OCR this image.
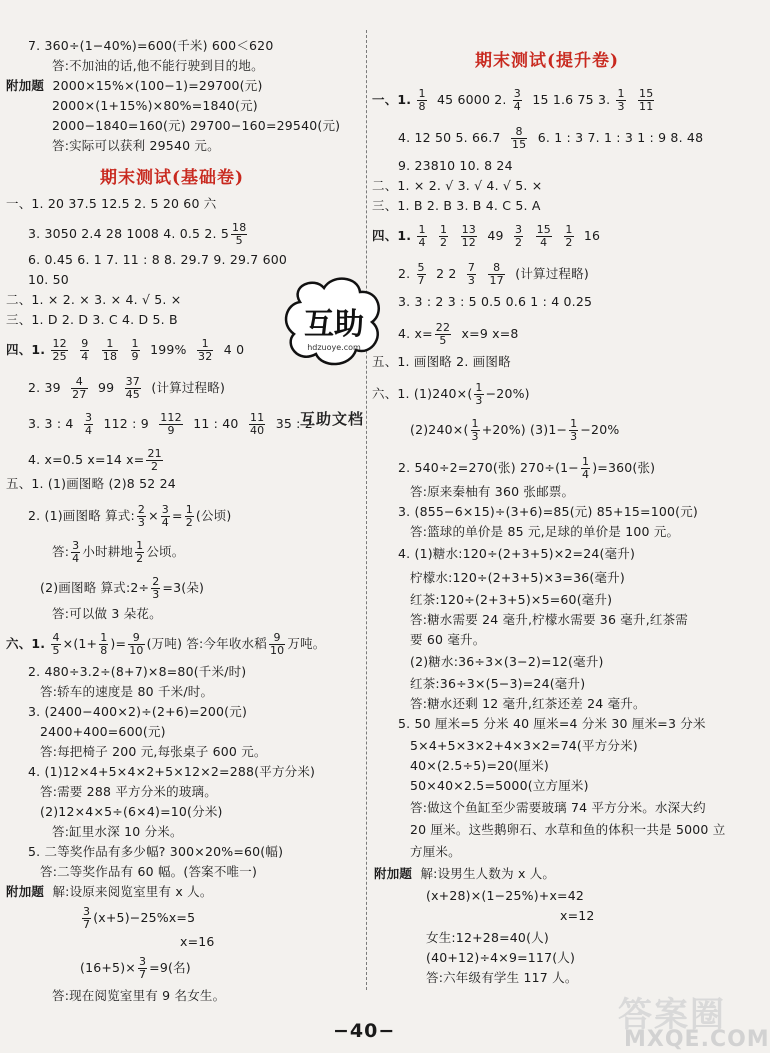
7. 360÷(1−40%)=600(千米) 600＜620
答:不加油的话,他不能行驶到目的地。
附加题 2000×15%×(100−1)=29700(元)
2000×(1+15%)×80%=1840(元)
2000−1840=160(元) 29700−160=29540(元)
答:实际可以获利 29540 元。
期末测试(基础卷)
一、1. 20 37.5 12.5 2. 5 20 60 六
3. 3050 2.4 28 1008 4. 0.5 2. $5 \frac{18}{5}$
6. 0.45 6. 1 7. 11 : 8 8. 29.7 9. 29.7 600
10. 50
二、1. × 2. × 3. × 4. √ 5. ×
三、1. D 2. D 3. C 4. D 5. B
四、1. $\frac{12}{25}$
$\frac{9}{4}$
$\frac{1}{18}$
$\frac{1}{9} 199\% \frac{1}{32} 4$ 0
2. $39 \frac{4}{27} 99 \frac{37}{45}$ (计算过程略)
3. 3 : $4 \frac{3}{4} 112$ : $9 \frac{112}{9} 11$ : $40 \frac{11}{40} 35$ : 2
4. x=0.5 x=14 $x= \frac{21}{2}$
五、1. (1)画图略 (2)8 52 24
2. (1)画图略 算式: $\frac{2}{3} \times \frac{3}{4} = \frac{1}{2}$ (公顷)
答: $\frac{3}{4}$ 小时耕地 $\frac{1}{2}$ 公顷。
(2)画图略 算式:2÷ $\frac{2}{3} =3$(朵)
答:可以做 3 朵花。
六、1. $\frac{4}{5} \times(1+ \frac{1}{8}$ )= $\frac{9}{10}$ (万吨) 答:今年收水稻 $\frac{9}{10}$ 万吨。
2. 480÷3.2÷(8+7)×8=80(千米/时)
答:轿车的速度是 80 千米/时。
3. (2400−400×2)÷(2+6)=200(元)
2400+400=600(元)
答:每把椅子 200 元,每张桌子 600 元。
4. (1)12×4+5×4×2+5×12×2=288(平方分米)
答:需要 288 平方分米的玻璃。
(2)12×4×5÷(6×4)=10(分米)
答:缸里水深 10 分米。
5. 二等奖作品有多少幅? 300×20%=60(幅)
答:二等奖作品有 60 幅。(答案不唯一)
附加题 解:设原来阅览室里有 x 人。
$\frac{3}{7} (x+5)-25\%x=5$
x=16
$(16+5)\times \frac{3}{7} =9$(名)
答:现在阅览室里有 9 名女生。
期末测试(提升卷)
一、1. $\frac{1}{8} 45$ 6000 2. $\frac{3}{4} 15$ 1.6 75 3. $\frac{1}{3}$
$\frac{15}{11}$
4. 12 50 5. $66.7 \frac{8}{15} 6$. 1 : 3 7. 1 : 3 1 : 9 8. 48
9. 23810 10. 8 24
二、1. × 2. √ 3. √ 4. √ 5. ×
三、1. B 2. B 3. B 4. C 5. A
四、1. $\frac{1}{4}$
$\frac{1}{2}$
$\frac{13}{12} 49 \frac{3}{2}$
$\frac{15}{4}$
$\frac{1}{2} 16$
2. $\frac{5}{7} 2$ $2 \frac{7}{3}$
$\frac{8}{17}$ (计算过程略)
3. 3 : 2 3 : 5 0.5 0.6 1 : 4 0.25
4. $x= \frac{22}{5} x=9$ x=8
五、1. 画图略 2. 画图略
六、1. $(1)240\times( \frac{1}{3} -20\%)$
$(2)240\times( \frac{1}{3} +20\%)$ $(3)1- \frac{1}{3} -20\%$
2. 540÷2=270(张) $270\div(1- \frac{1}{4} )=360$(张)
答:原来秦柚有 360 张邮票。
3. (855−6×15)÷(3+6)=85(元) 85+15=100(元)
答:篮球的单价是 85 元,足球的单价是 100 元。
4. (1)糖水:120÷(2+3+5)×2=24(毫升)
柠檬水:120÷(2+3+5)×3=36(毫升)
红茶:120÷(2+3+5)×5=60(毫升)
答:糖水需要 24 毫升,柠檬水需要 36 毫升,红茶需
要 60 毫升。
(2)糖水:36÷3×(3−2)=12(毫升)
红茶:36÷3×(5−3)=24(毫升)
答:糖水还剩 12 毫升,红茶还差 24 毫升。
5. 50 厘米=5 分米 40 厘米=4 分米 30 厘米=3 分米
5×4+5×3×2+4×3×2=74(平方分米)
40×(2.5÷5)=20(厘米)
50×40×2.5=5000(立方厘米)
答:做这个鱼缸至少需要玻璃 74 平方分米。水深大约
20 厘米。这些鹅卵石、水草和鱼的体积一共是 5000 立
方厘米。
附加题 解:设男生人数为 x 人。
(x+28)×(1−25%)+x=42
x=12
女生:12+28=40(人)
(40+12)÷4×9=117(人)
答:六年级有学生 117 人。
互助
hdzuoye.com
互助文档
−40−	答案圈
MXQE.COM
